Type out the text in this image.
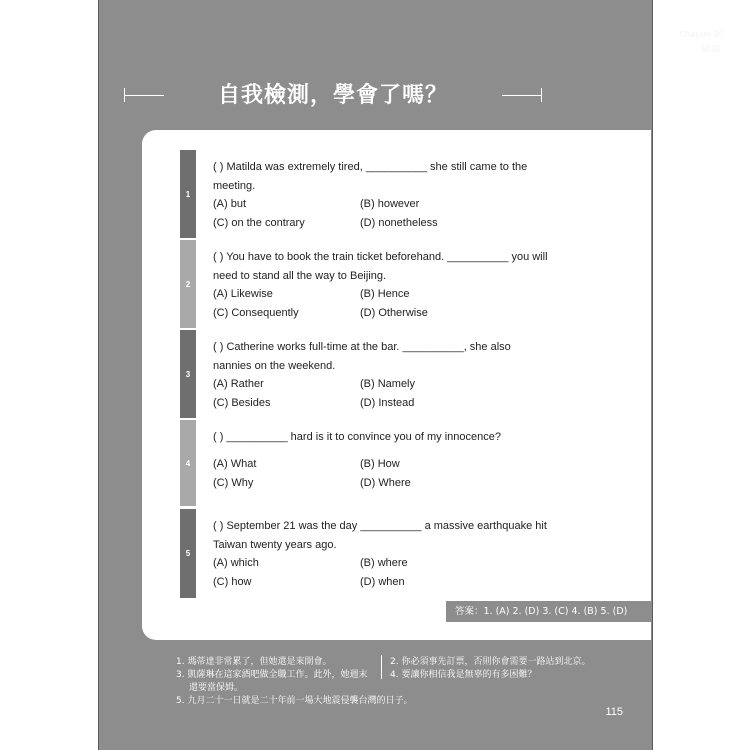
Chapter 05
副詞
自我檢測，學會了嗎？
1
( ) Matilda was extremely tired, __________ she still came to the
meeting.
(A) but	(B) however
(C) on the contrary	(D) nonetheless
2
( ) You have to book the train ticket beforehand. __________ you will
need to stand all the way to Beijing.
(A) Likewise	(B) Hence
(C) Consequently	(D) Otherwise
3
( ) Catherine works full-time at the bar. __________, she also
nannies on the weekend.
(A) Rather	(B) Namely
(C) Besides	(D) Instead
4
( ) __________ hard is it to convince you of my innocence?
(A) What	(B) How
(C) Why	(D) Where
5
( ) September 21 was the day __________ a massive earthquake hit
Taiwan twenty years ago.
(A) which	(B) where
(C) how	(D) when
答案：1. (A) 2. (D) 3. (C) 4. (B) 5. (D)
1. 瑪蒂達非常累了，但她還是來開會。	2. 你必須事先訂票，否則你會需要一路站到北京。
3. 凱薩琳在這家酒吧做全職工作。此外，她週末	4. 要讓你相信我是無辜的有多困難？
還要當保姆。
5. 九月二十一日就是二十年前一場大地震侵襲台灣的日子。
115
